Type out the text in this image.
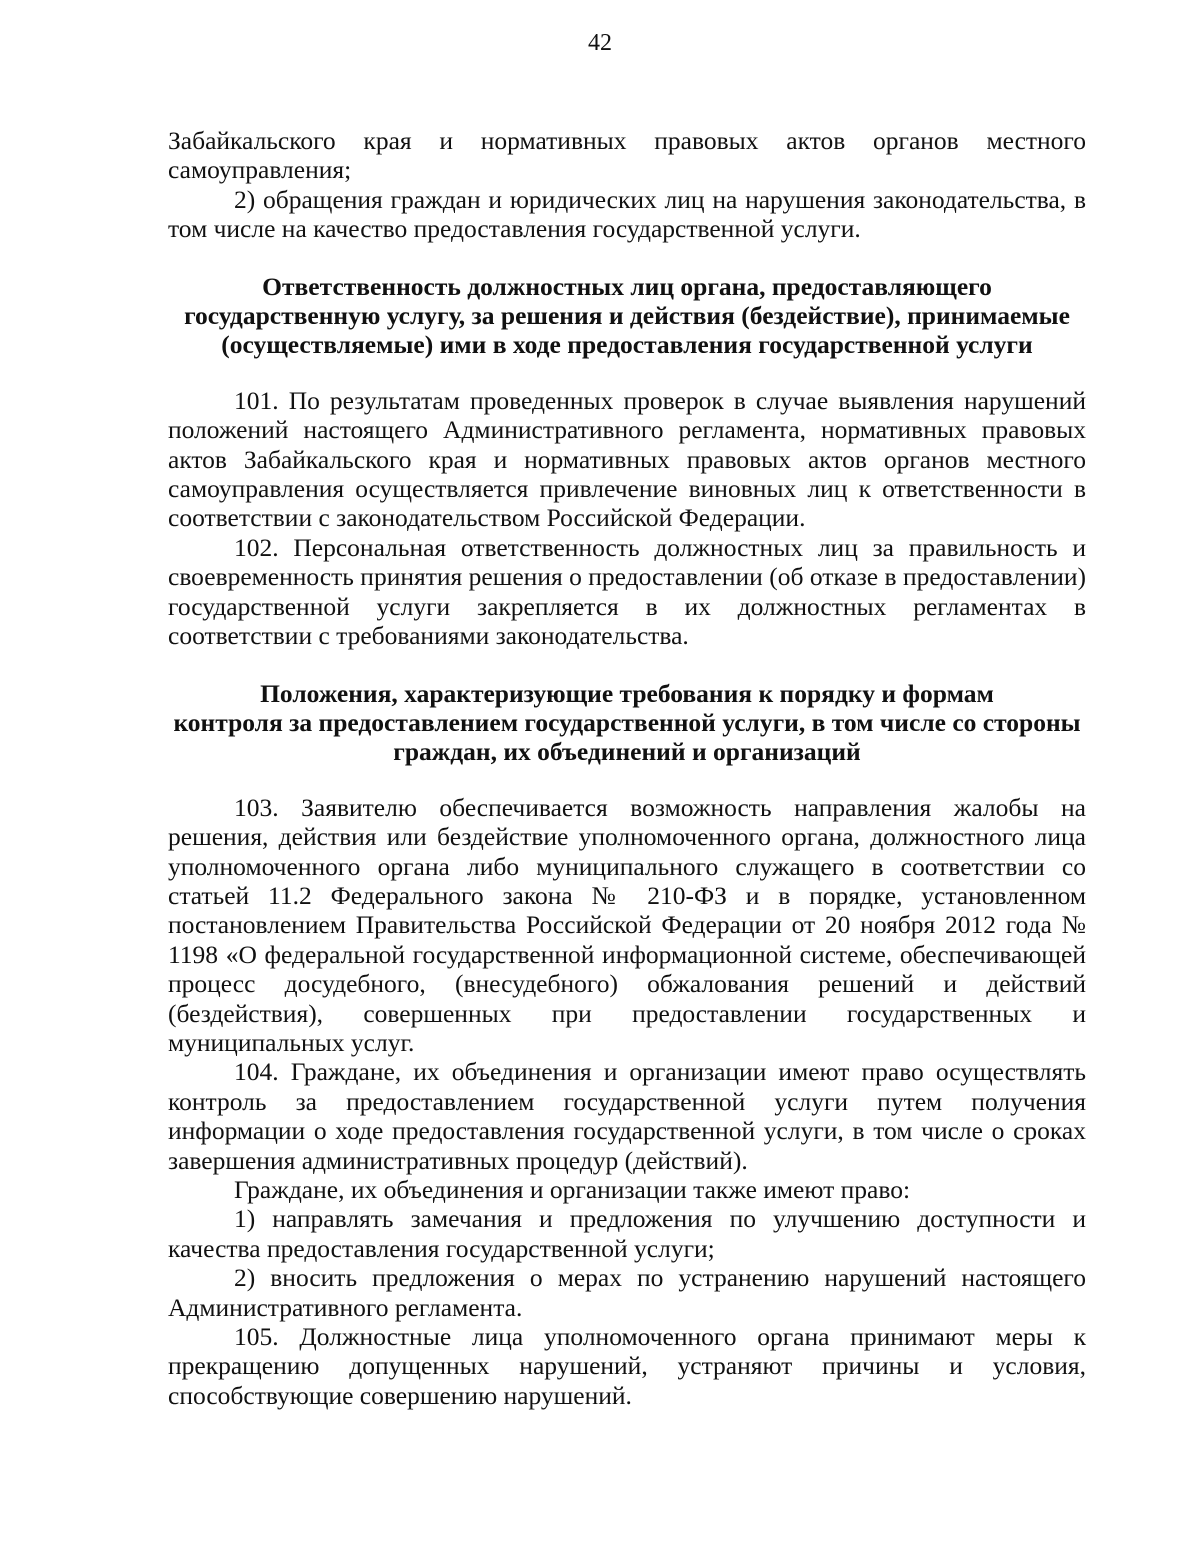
42

Забайкальского края и нормативных правовых актов органов местного самоуправления;

2) обращения граждан и юридических лиц на нарушения законодательства, в том числе на качество предоставления государственной услуги.

Ответственность должностных лиц органа, предоставляющего
государственную услугу, за решения и действия (бездействие), принимаемые
(осуществляемые) ими в ходе предоставления государственной услуги

101. По результатам проведенных проверок в случае выявления нарушений положений настоящего Административного регламента, нормативных правовых актов Забайкальского края и нормативных правовых актов органов местного самоуправления осуществляется привлечение виновных лиц к ответственности в соответствии с законодательством Российской Федерации.

102. Персональная ответственность должностных лиц за правильность и своевременность принятия решения о предоставлении (об отказе в предоставлении) государственной услуги закрепляется в их должностных регламентах в соответствии с требованиями законодательства.

Положения, характеризующие требования к порядку и формам
контроля за предоставлением государственной услуги, в том числе со стороны
граждан, их объединений и организаций

103. Заявителю обеспечивается возможность направления жалобы на решения, действия или бездействие уполномоченного органа, должностного лица уполномоченного органа либо муниципального служащего в соответствии со статьей 11.2 Федерального закона № 210-ФЗ и в порядке, установленном постановлением Правительства Российской Федерации от 20 ноября 2012 года № 1198 «О федеральной государственной информационной системе, обеспечивающей процесс досудебного, (внесудебного) обжалования решений и действий (бездействия), совершенных при предоставлении государственных и муниципальных услуг.

104. Граждане, их объединения и организации имеют право осуществлять контроль за предоставлением государственной услуги путем получения информации о ходе предоставления государственной услуги, в том числе о сроках завершения административных процедур (действий).

Граждане, их объединения и организации также имеют право:

1) направлять замечания и предложения по улучшению доступности и качества предоставления государственной услуги;

2) вносить предложения о мерах по устранению нарушений настоящего Административного регламента.

105. Должностные лица уполномоченного органа принимают меры к прекращению допущенных нарушений, устраняют причины и условия, способствующие совершению нарушений.
